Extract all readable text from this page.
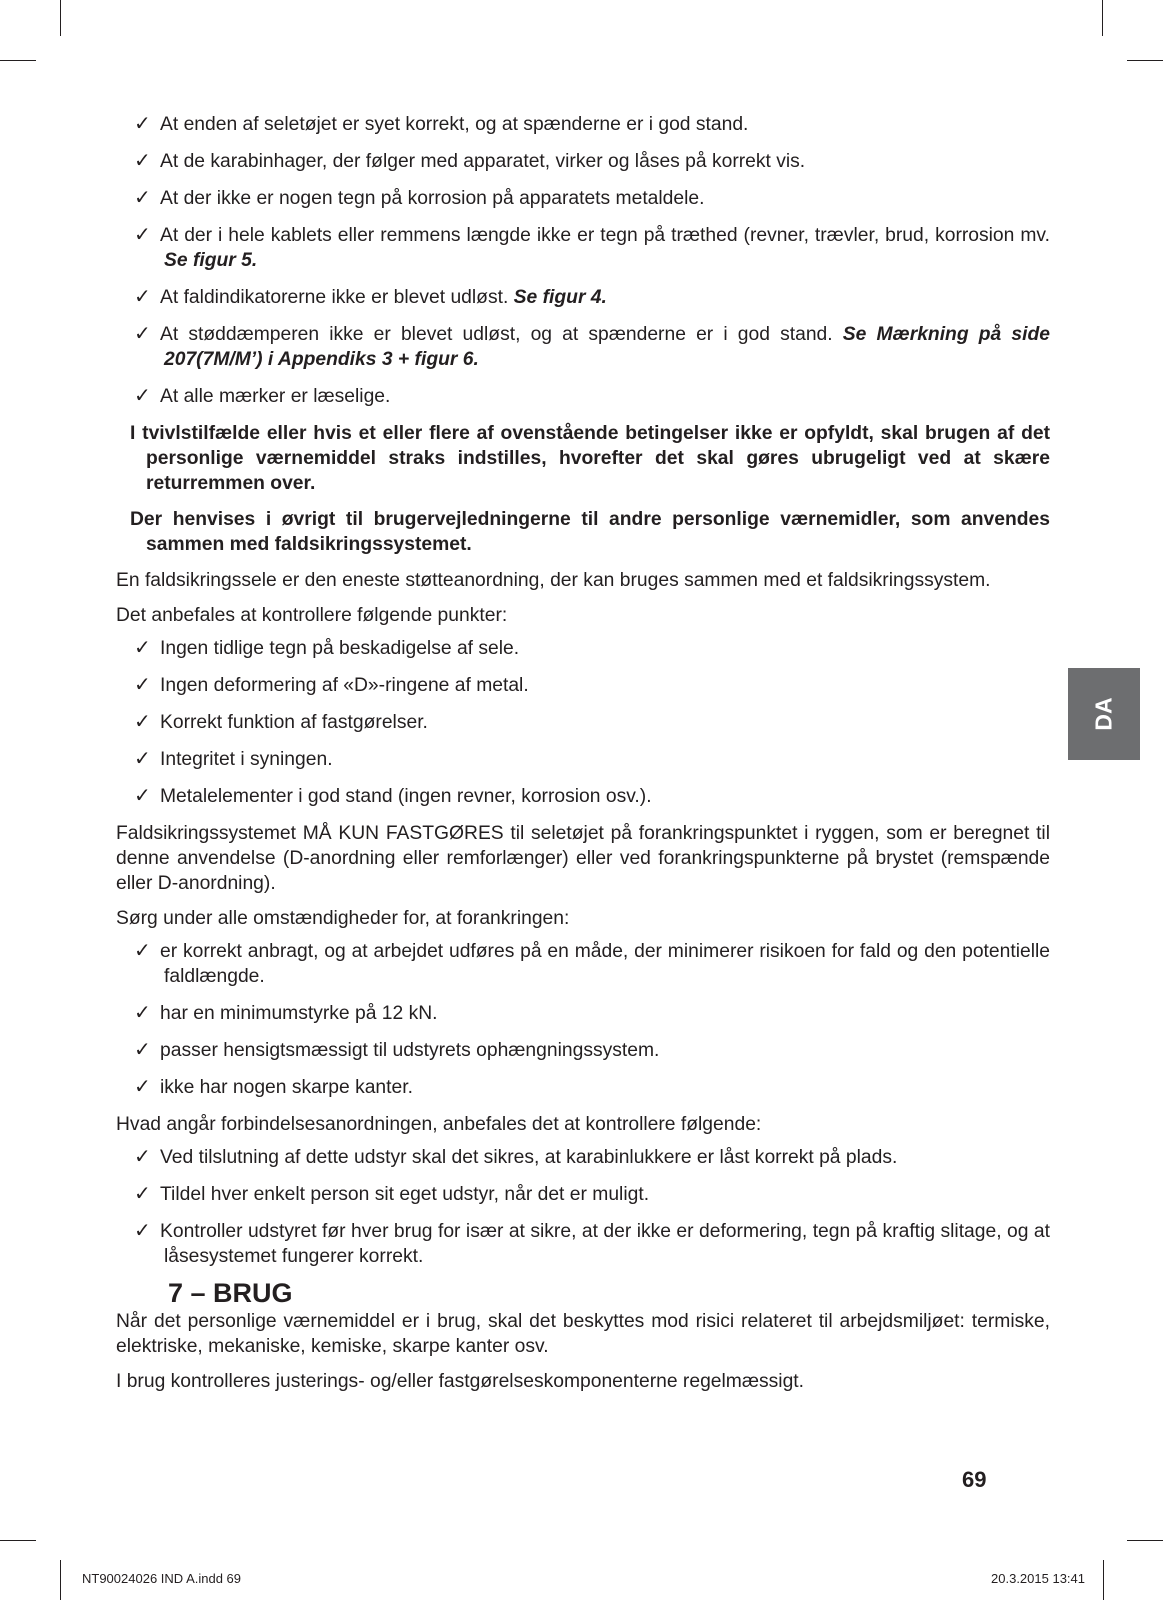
✓ At enden af seletøjet er syet korrekt, og at spænderne er i god stand.
✓ At de karabinhager, der følger med apparatet, virker og låses på korrekt vis.
✓ At der ikke er nogen tegn på korrosion på apparatets metaldele.
✓ At der i hele kablets eller remmens længde ikke er tegn på træthed (revner, trævler, brud, korrosion mv. Se figur 5.
✓ At faldindikatorerne ikke er blevet udløst. Se figur 4.
✓ At støddæmperen ikke er blevet udløst, og at spænderne er i god stand. Se Mærkning på side 207(7M/M’) i Appendiks 3 + figur 6.
✓ At alle mærker er læselige.
I tvivlstilfælde eller hvis et eller flere af ovenstående betingelser ikke er opfyldt, skal brugen af det personlige værnemiddel straks indstilles, hvorefter det skal gøres ubrugeligt ved at skære returremmen over.
Der henvises i øvrigt til brugervejledningerne til andre personlige værnemidler, som anvendes sammen med faldsikringssystemet.
En faldsikringssele er den eneste støtteanordning, der kan bruges sammen med et faldsikringssystem.
Det anbefales at kontrollere følgende punkter:
✓ Ingen tidlige tegn på beskadigelse af sele.
✓ Ingen deformering af «D»-ringene af metal.
✓ Korrekt funktion af fastgørelser.
✓ Integritet i syningen.
✓ Metalelementer i god stand (ingen revner, korrosion osv.).
Faldsikringssystemet MÅ KUN FASTGØRES til seletøjet på forankringspunktet i ryggen, som er beregnet til denne anvendelse (D-anordning eller remforlænger) eller ved forankringspunkterne på brystet (remspænde eller D-anordning).
Sørg under alle omstændigheder for, at forankringen:
✓ er korrekt anbragt, og at arbejdet udføres på en måde, der minimerer risikoen for fald og den potentielle faldlængde.
✓ har en minimumstyrke på 12 kN.
✓ passer hensigtsmæssigt til udstyrets ophængningssystem.
✓ ikke har nogen skarpe kanter.
Hvad angår forbindelsesanordningen, anbefales det at kontrollere følgende:
✓ Ved tilslutning af dette udstyr skal det sikres, at karabinlukkere er låst korrekt på plads.
✓ Tildel hver enkelt person sit eget udstyr, når det er muligt.
✓ Kontroller udstyret før hver brug for især at sikre, at der ikke er deformering, tegn på kraftig slitage, og at låsesystemet fungerer korrekt.
7 – BRUG
Når det personlige værnemiddel er i brug, skal det beskyttes mod risici relateret til arbejdsmiljøet: termiske, elektriske, mekaniske, kemiske, skarpe kanter osv.
I brug kontrolleres justerings- og/eller fastgørelseskomponenterne regelmæssigt.
DA
69
NT90024026 IND A.indd 69	20.3.2015 13:41
